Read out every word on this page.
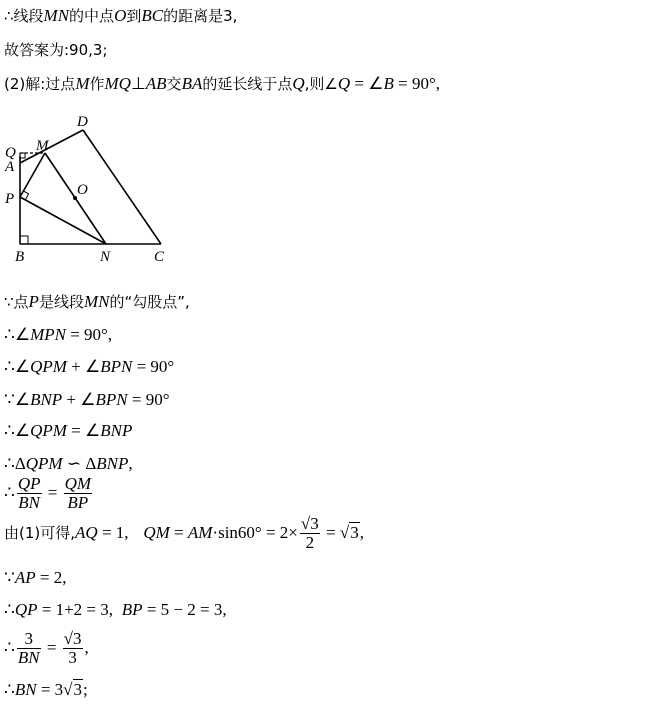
∴线段MN的中点O到BC的距离是3,
故答案为:90,3;
(2)解:过点M作MQ⊥AB交BA的延长线于点Q,则∠Q = ∠B = 90°,
D
M
Q
A
O
P
B	N	C
∵点P是线段MN的“勾股点”,
∴∠MPN = 90°,
∴∠QPM + ∠BPN = 90°
∵∠BNP + ∠BPN = 90°
∴∠QPM = ∠BNP
∴ΔQPM ∽ ΔBNP,
∴ $\frac{QP}{BN} = \frac{QM}{BP}$
由(1)可得,AQ = 1, QM = $AM\cdot\sin 60^\circ = 2\times \frac{√3}{2} = √3$,
∵AP = 2,
∴QP = 1+2 = 3, BP = 5 − 2 = 3,
∴ $\frac{3}{BN} = \frac{√3}{3}$ ,
∴BN = 3√3;
